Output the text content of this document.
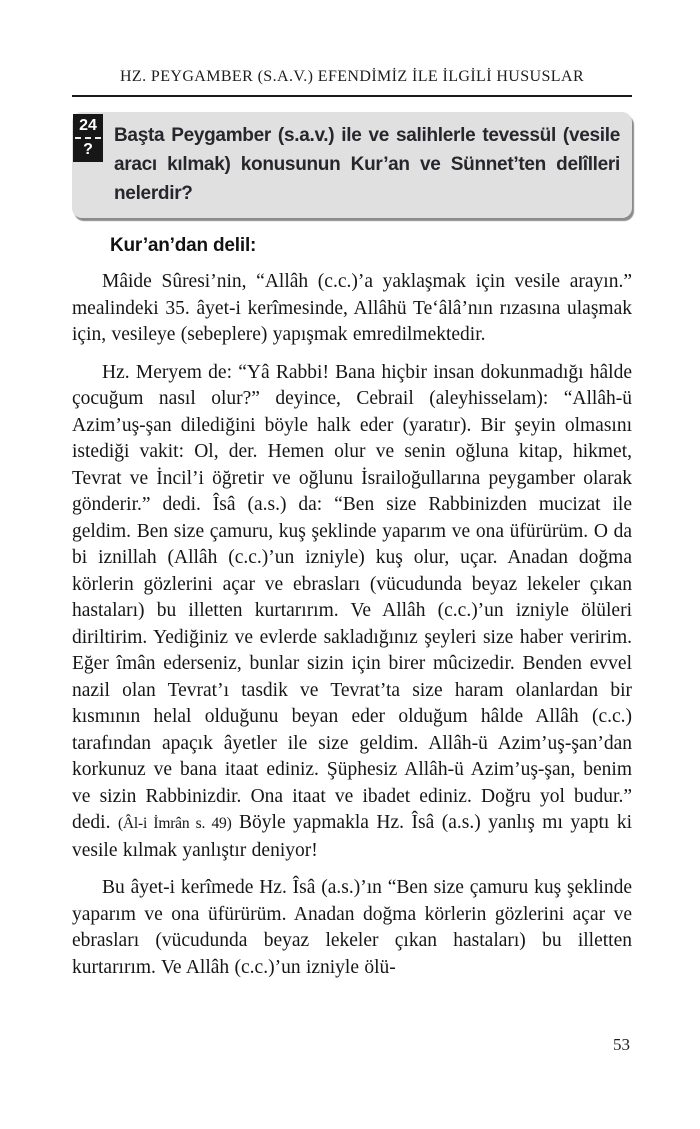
HZ. PEYGAMBER (S.A.V.) EFENDİMİZ İLE İLGİLİ HUSUSLAR
24
?
Başta Peygamber (s.a.v.) ile ve salihlerle tevessül (vesile aracı kılmak) konusunun Kur’an ve Sünnet’ten delîlleri nelerdir?
Kur’an’dan delil:

Mâide Sûresi’nin, “Allâh (c.c.)’a yaklaşmak için vesile arayın.” mealindeki 35. âyet-i kerîmesinde, Allâhü Te‘âlâ’nın rızasına ulaşmak için, vesileye (sebeplere) yapışmak emredilmektedir.

Hz. Meryem de: “Yâ Rabbi! Bana hiçbir insan dokunmadığı hâlde çocuğum nasıl olur?” deyince, Cebrail (aleyhisselam): “Allâh-ü Azim’uş-şan dilediğini böyle halk eder (yaratır). Bir şeyin olmasını istediği vakit: Ol, der. Hemen olur ve senin oğluna kitap, hikmet, Tevrat ve İncil’i öğretir ve oğlunu İsrailoğullarına peygamber olarak gönderir.” dedi. Îsâ (a.s.) da: “Ben size Rabbinizden mucizat ile geldim. Ben size çamuru, kuş şeklinde yaparım ve ona üfürürüm. O da bi iznillah (Allâh (c.c.)’un izniyle) kuş olur, uçar. Anadan doğma körlerin gözlerini açar ve ebrasları (vücudunda beyaz lekeler çıkan hastaları) bu illetten kurtarırım. Ve Allâh (c.c.)’un izniyle ölüleri diriltirim. Yediğiniz ve evlerde sakladığınız şeyleri size haber veririm. Eğer îmân ederseniz, bunlar sizin için birer mûcizedir. Benden evvel nazil olan Tevrat’ı tasdik ve Tevrat’ta size haram olanlardan bir kısmının helal olduğunu beyan eder olduğum hâlde Allâh (c.c.) tarafından apaçık âyetler ile size geldim. Allâh-ü Azim’uş-şan’dan korkunuz ve bana itaat ediniz. Şüphesiz Allâh-ü Azim’uş-şan, benim ve sizin Rabbinizdir. Ona itaat ve ibadet ediniz. Doğru yol budur.” dedi. (Âl-i İmrân s. 49) Böyle yapmakla Hz. Îsâ (a.s.) yanlış mı yaptı ki vesile kılmak yanlıştır deniyor!

Bu âyet-i kerîmede Hz. Îsâ (a.s.)’ın “Ben size çamuru kuş şeklinde yaparım ve ona üfürürüm. Anadan doğma körlerin gözlerini açar ve ebrasları (vücudunda beyaz lekeler çıkan hastaları) bu illetten kurtarırım. Ve Allâh (c.c.)’un izniyle ölü-

53
